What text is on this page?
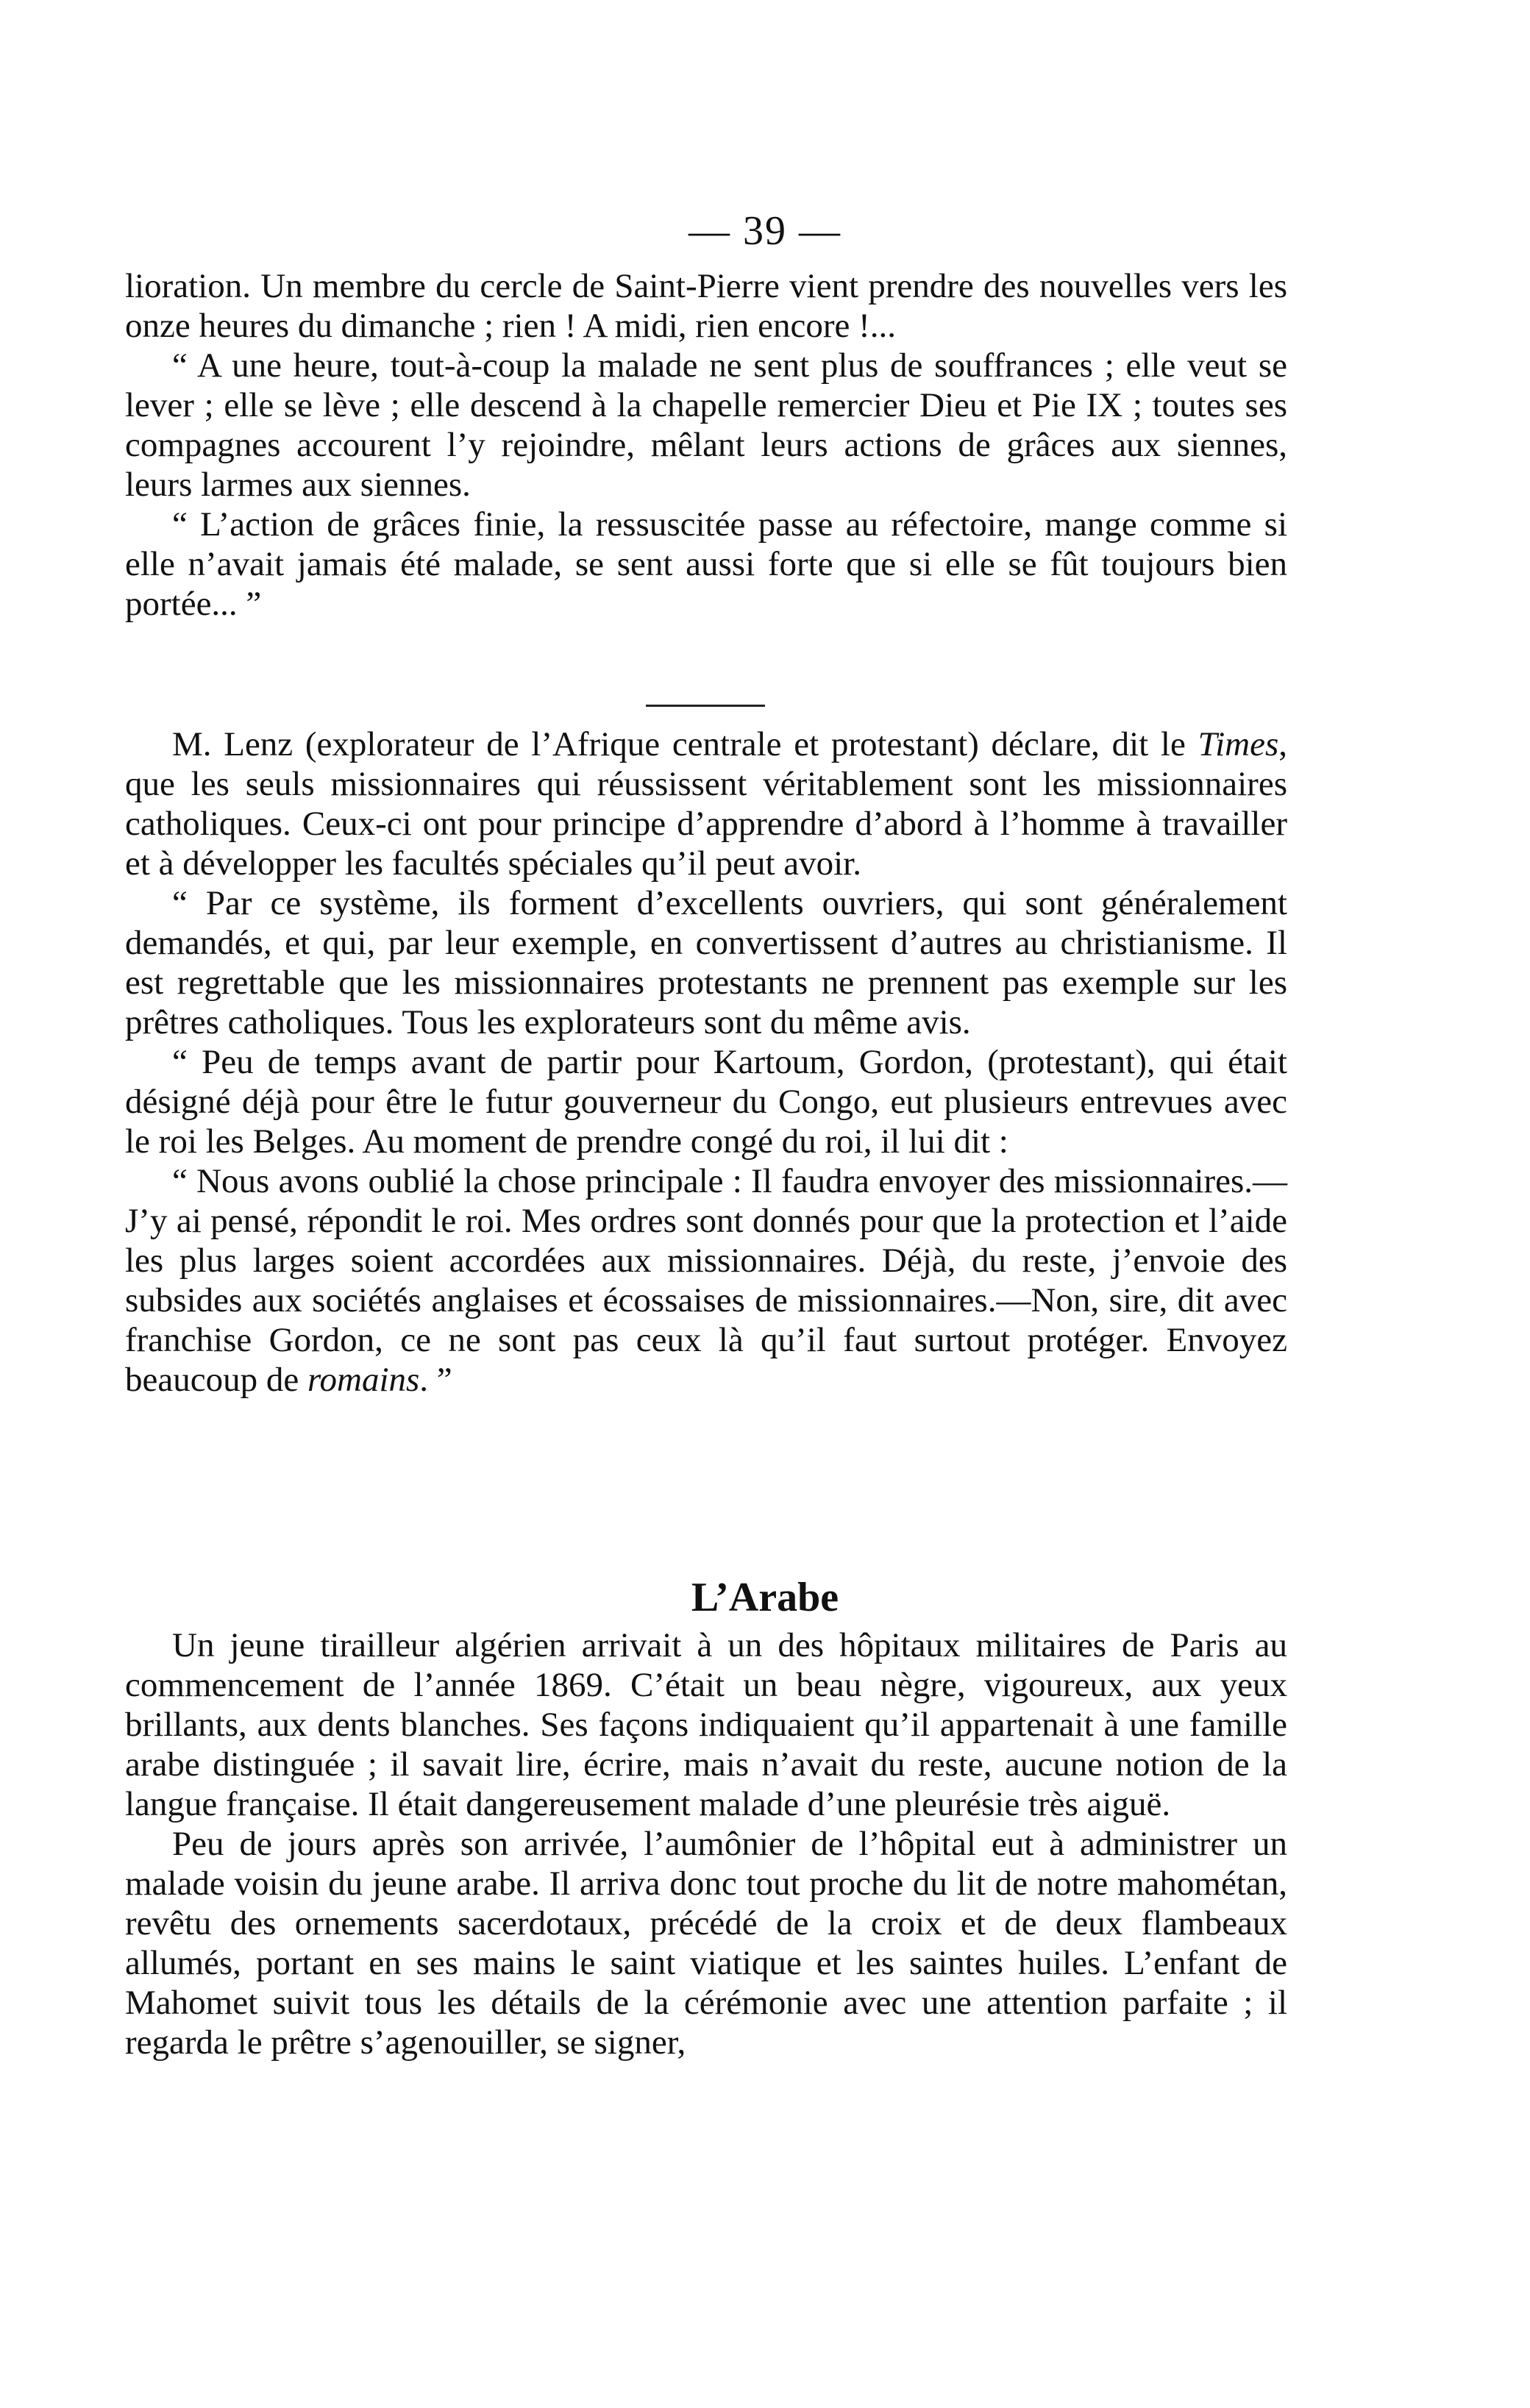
— 39 —

lioration. Un membre du cercle de Saint-Pierre vient prendre des nouvelles vers les onze heures du dimanche ; rien ! A midi, rien encore !...

“ A une heure, tout-à-coup la malade ne sent plus de souffrances ; elle veut se lever ; elle se lève ; elle descend à la chapelle remercier Dieu et Pie IX ; toutes ses compagnes accourent l’y rejoindre, mêlant leurs actions de grâces aux siennes, leurs larmes aux siennes.

“ L’action de grâces finie, la ressuscitée passe au réfectoire, mange comme si elle n’avait jamais été malade, se sent aussi forte que si elle se fût toujours bien portée... ”

M. Lenz (explorateur de l’Afrique centrale et protestant) déclare, dit le Times, que les seuls missionnaires qui réussissent véritablement sont les missionnaires catholiques. Ceux-ci ont pour principe d’apprendre d’abord à l’homme à travailler et à développer les facultés spéciales qu’il peut avoir.

“ Par ce système, ils forment d’excellents ouvriers, qui sont généralement demandés, et qui, par leur exemple, en convertissent d’autres au christianisme. Il est regrettable que les missionnaires protestants ne prennent pas exemple sur les prêtres catholiques. Tous les explorateurs sont du même avis.

“ Peu de temps avant de partir pour Kartoum, Gordon, (protestant), qui était désigné déjà pour être le futur gouverneur du Congo, eut plusieurs entrevues avec le roi les Belges. Au moment de prendre congé du roi, il lui dit :

“ Nous avons oublié la chose principale : Il faudra envoyer des missionnaires.— J’y ai pensé, répondit le roi. Mes ordres sont donnés pour que la protection et l’aide les plus larges soient accordées aux missionnaires. Déjà, du reste, j’envoie des subsides aux sociétés anglaises et écossaises de missionnaires.—Non, sire, dit avec franchise Gordon, ce ne sont pas ceux là qu’il faut surtout protéger. Envoyez beaucoup de romains. ”

L’Arabe

Un jeune tirailleur algérien arrivait à un des hôpitaux militaires de Paris au commencement de l’année 1869. C’était un beau nègre, vigoureux, aux yeux brillants, aux dents blanches. Ses façons indiquaient qu’il appartenait à une famille arabe distinguée ; il savait lire, écrire, mais n’avait du reste, aucune notion de la langue française. Il était dangereusement malade d’une pleurésie très aiguë.

Peu de jours après son arrivée, l’aumônier de l’hôpital eut à administrer un malade voisin du jeune arabe. Il arriva donc tout proche du lit de notre mahométan, revêtu des ornements sacerdotaux, précédé de la croix et de deux flambeaux allumés, portant en ses mains le saint viatique et les saintes huiles. L’enfant de Mahomet suivit tous les détails de la cérémonie avec une attention parfaite ; il regarda le prêtre s’agenouiller, se signer,
